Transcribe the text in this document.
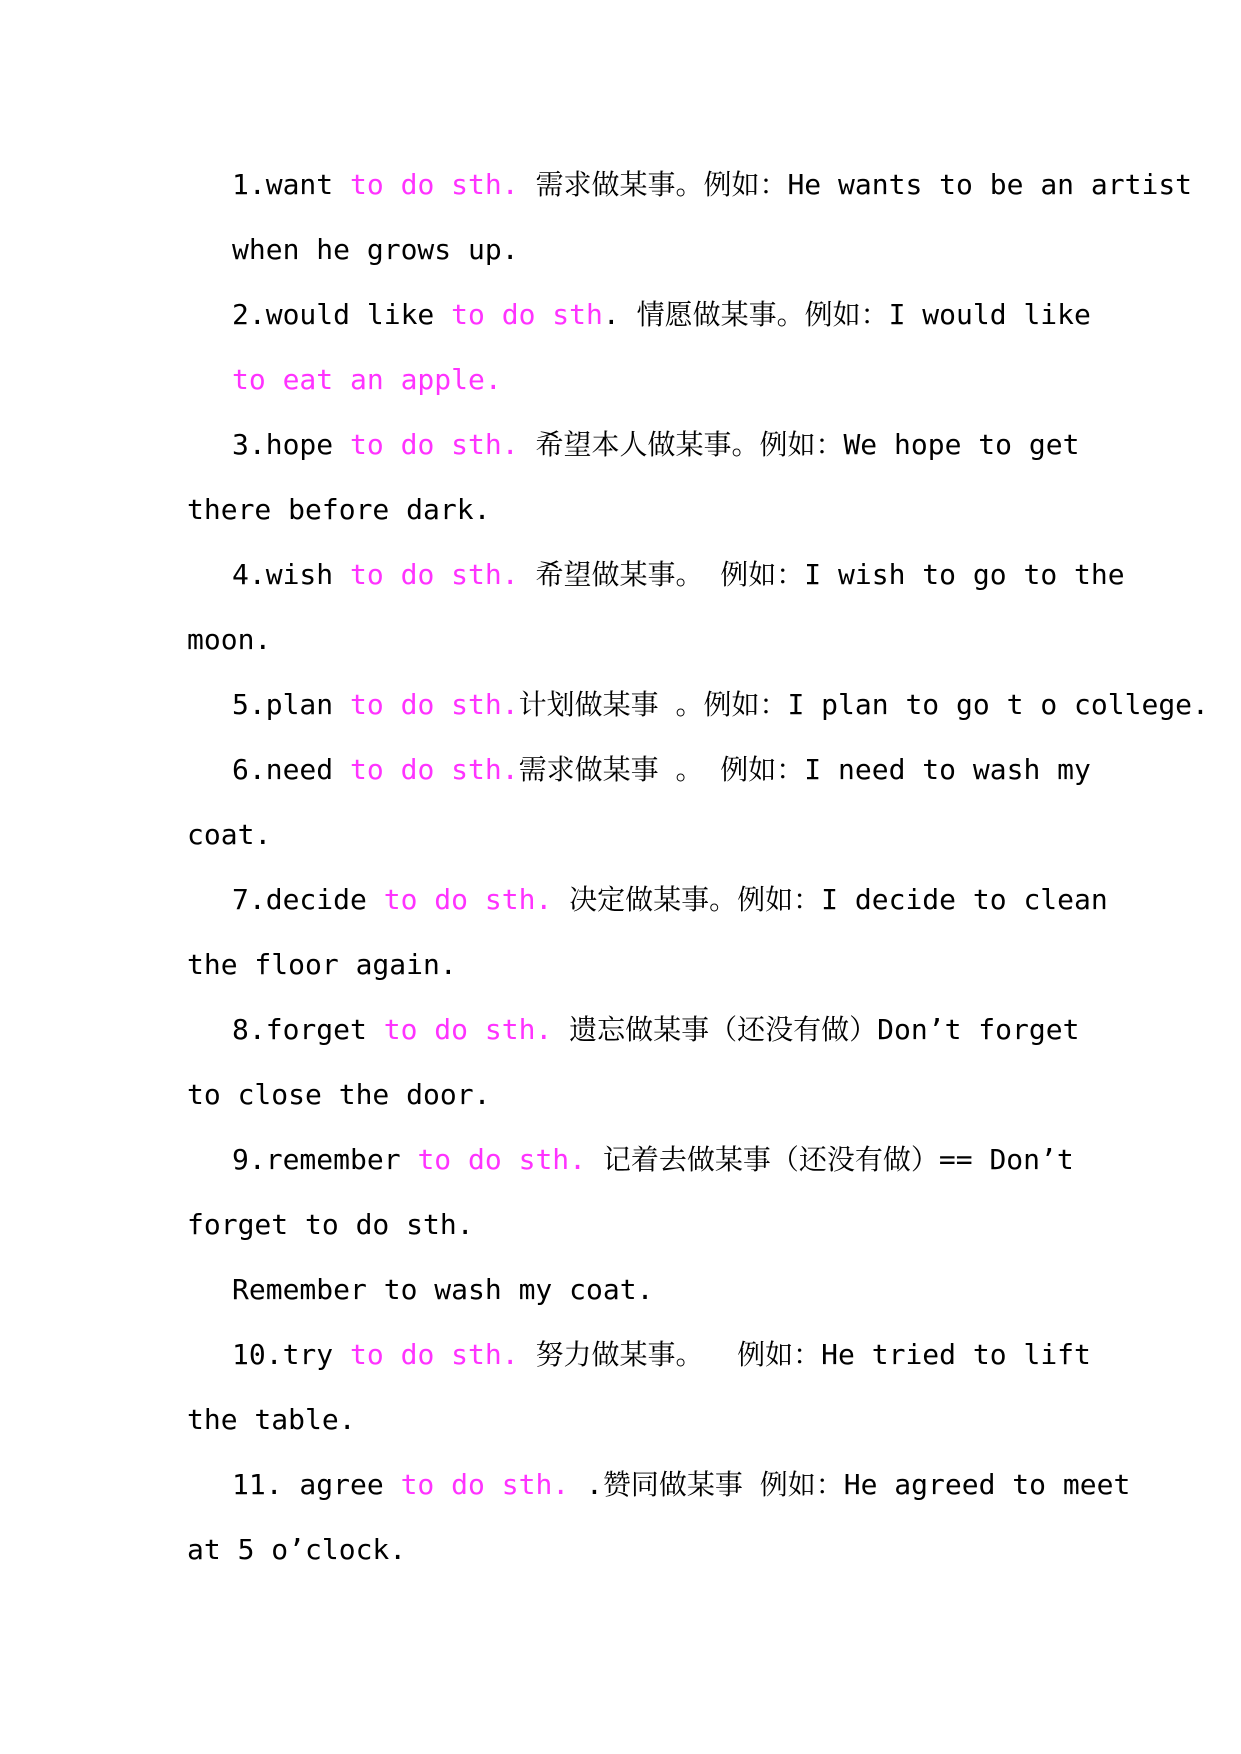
1.want to do sth. 需求做某事。例如：He wants to be an artist
when he grows up.
2.would like to do sth. 情愿做某事。例如：I would like
to eat an apple.
3.hope to do sth. 希望本人做某事。例如：We hope to get
there before dark.
4.wish to do sth. 希望做某事。 例如：I wish to go to the
moon.
5.plan to do sth.计划做某事 。例如：I plan to go t o college.
6.need to do sth.需求做某事 。 例如：I need to wash my
coat.
7.decide to do sth. 决定做某事。例如：I decide to clean
the floor again.
8.forget to do sth. 遗忘做某事（还没有做）Don’t forget
to close the door.
9.remember to do sth. 记着去做某事（还没有做）== Don’t
forget to do sth.
Remember to wash my coat.
10.try to do sth. 努力做某事。  例如：He tried to lift
the table.
11. agree to do sth. .赞同做某事 例如：He agreed to meet
at 5 o’clock.
